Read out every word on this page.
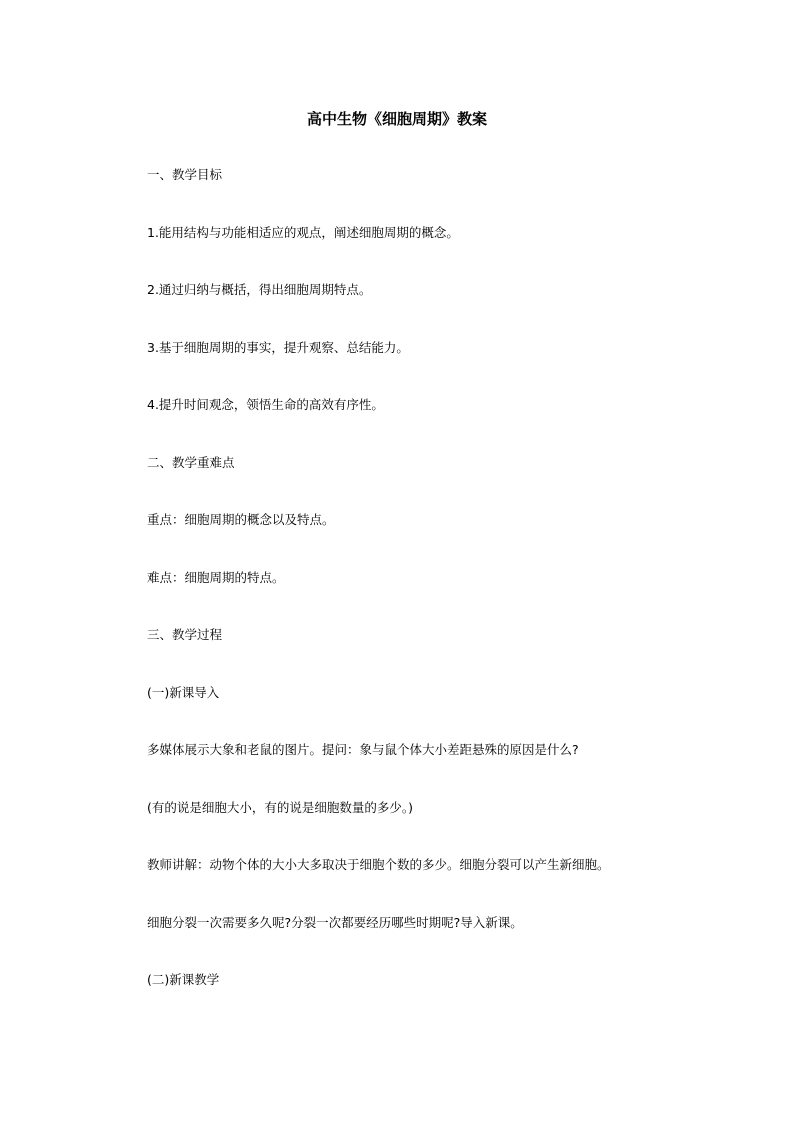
高中生物《细胞周期》教案
一、教学目标
1.能用结构与功能相适应的观点，阐述细胞周期的概念。
2.通过归纳与概括，得出细胞周期特点。
3.基于细胞周期的事实，提升观察、总结能力。
4.提升时间观念，领悟生命的高效有序性。
二、教学重难点
重点：细胞周期的概念以及特点。
难点：细胞周期的特点。
三、教学过程
(一)新课导入
多媒体展示大象和老鼠的图片。提问：象与鼠个体大小差距悬殊的原因是什么?
(有的说是细胞大小，有的说是细胞数量的多少。)
教师讲解：动物个体的大小大多取决于细胞个数的多少。细胞分裂可以产生新细胞。
细胞分裂一次需要多久呢?分裂一次都要经历哪些时期呢?导入新课。
(二)新课教学
